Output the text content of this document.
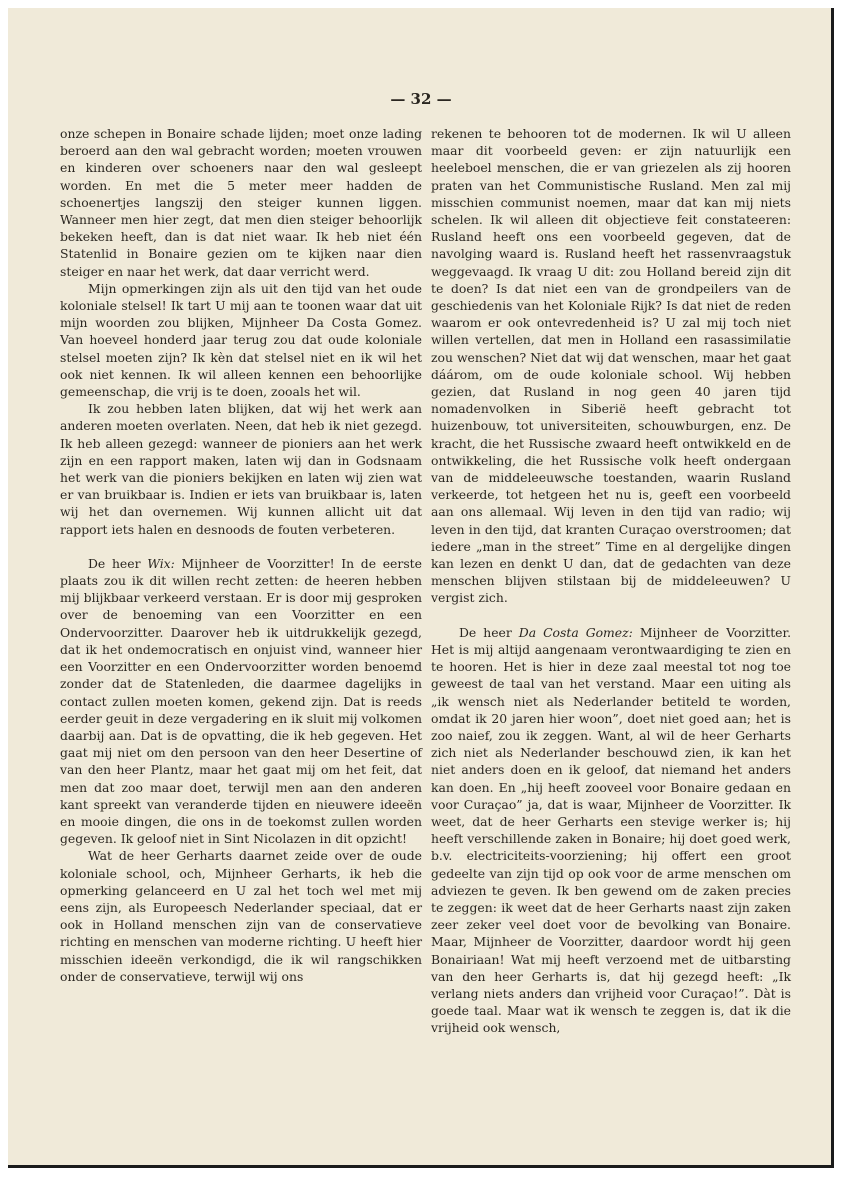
— 32 —

onze schepen in Bonaire schade lijden; moet onze lading beroerd aan den wal gebracht worden; moeten vrouwen en kinderen over schoeners naar den wal gesleept worden. En met die 5 meter meer hadden de schoenertjes langszij den steiger kunnen liggen. Wanneer men hier zegt, dat men dien steiger behoorlijk bekeken heeft, dan is dat niet waar. Ik heb niet één Statenlid in Bonaire gezien om te kijken naar dien steiger en naar het werk, dat daar verricht werd.

Mijn opmerkingen zijn als uit den tijd van het oude koloniale stelsel! Ik tart U mij aan te toonen waar dat uit mijn woorden zou blijken, Mijnheer Da Costa Gomez. Van hoeveel honderd jaar terug zou dat oude koloniale stelsel moeten zijn? Ik kèn dat stelsel niet en ik wil het ook niet kennen. Ik wil alleen kennen een behoorlijke gemeenschap, die vrij is te doen, zooals het wil.

Ik zou hebben laten blijken, dat wij het werk aan anderen moeten overlaten. Neen, dat heb ik niet gezegd. Ik heb alleen gezegd: wanneer de pioniers aan het werk zijn en een rapport maken, laten wij dan in Godsnaam het werk van die pioniers bekijken en laten wij zien wat er van bruikbaar is. Indien er iets van bruikbaar is, laten wij het dan overnemen. Wij kunnen allicht uit dat rapport iets halen en desnoods de fouten verbeteren.

De heer Wix: Mijnheer de Voorzitter! In de eerste plaats zou ik dit willen recht zetten: de heeren hebben mij blijkbaar verkeerd verstaan. Er is door mij gesproken over de benoeming van een Voorzitter en een Ondervoorzitter. Daarover heb ik uitdrukkelijk gezegd, dat ik het ondemocratisch en onjuist vind, wanneer hier een Voorzitter en een Ondervoorzitter worden benoemd zonder dat de Statenleden, die daarmee dagelijks in contact zullen moeten komen, gekend zijn. Dat is reeds eerder geuit in deze vergadering en ik sluit mij volkomen daarbij aan. Dat is de opvatting, die ik heb gegeven. Het gaat mij niet om den persoon van den heer Desertine of van den heer Plantz, maar het gaat mij om het feit, dat men dat zoo maar doet, terwijl men aan den anderen kant spreekt van veranderde tijden en nieuwere ideeën en mooie dingen, die ons in de toekomst zullen worden gegeven. Ik geloof niet in Sint Nicolazen in dit opzicht!

Wat de heer Gerharts daarnet zeide over de oude koloniale school, och, Mijnheer Gerharts, ik heb die opmerking gelanceerd en U zal het toch wel met mij eens zijn, als Europeesch Nederlander speciaal, dat er ook in Holland menschen zijn van de conservatieve richting en menschen van moderne richting. U heeft hier misschien ideeën verkondigd, die ik wil rangschikken onder de conservatieve, terwijl wij ons

rekenen te behooren tot de modernen. Ik wil U alleen maar dit voorbeeld geven: er zijn natuurlijk een heeleboel menschen, die er van griezelen als zij hooren praten van het Communistische Rusland. Men zal mij misschien communist noemen, maar dat kan mij niets schelen. Ik wil alleen dit objectieve feit constateeren: Rusland heeft ons een voorbeeld gegeven, dat de navolging waard is. Rusland heeft het rassenvraagstuk weggevaagd. Ik vraag U dit: zou Holland bereid zijn dit te doen? Is dat niet een van de grondpeilers van de geschiedenis van het Koloniale Rijk? Is dat niet de reden waarom er ook ontevredenheid is? U zal mij toch niet willen vertellen, dat men in Holland een rasassimilatie zou wenschen? Niet dat wij dat wenschen, maar het gaat dáárom, om de oude koloniale school. Wij hebben gezien, dat Rusland in nog geen 40 jaren tijd nomadenvolken in Siberië heeft gebracht tot huizenbouw, tot universiteiten, schouwburgen, enz. De kracht, die het Russische zwaard heeft ontwikkeld en de ontwikkeling, die het Russische volk heeft ondergaan van de middeleeuwsche toestanden, waarin Rusland verkeerde, tot hetgeen het nu is, geeft een voorbeeld aan ons allemaal. Wij leven in den tijd van radio; wij leven in den tijd, dat kranten Curaçao overstroomen; dat iedere „man in the street” Time en al dergelijke dingen kan lezen en denkt U dan, dat de gedachten van deze menschen blijven stilstaan bij de middeleeuwen? U vergist zich.

De heer Da Costa Gomez: Mijnheer de Voorzitter. Het is mij altijd aangenaam verontwaardiging te zien en te hooren. Het is hier in deze zaal meestal tot nog toe geweest de taal van het verstand. Maar een uiting als „ik wensch niet als Nederlander betiteld te worden, omdat ik 20 jaren hier woon”, doet niet goed aan; het is zoo naief, zou ik zeggen. Want, al wil de heer Gerharts zich niet als Nederlander beschouwd zien, ik kan het niet anders doen en ik geloof, dat niemand het anders kan doen. En „hij heeft zooveel voor Bonaire gedaan en voor Curaçao” ja, dat is waar, Mijnheer de Voorzitter. Ik weet, dat de heer Gerharts een stevige werker is; hij heeft verschillende zaken in Bonaire; hij doet goed werk, b.v. electriciteits-voorziening; hij offert een groot gedeelte van zijn tijd op ook voor de arme menschen om adviezen te geven. Ik ben gewend om de zaken precies te zeggen: ik weet dat de heer Gerharts naast zijn zaken zeer zeker veel doet voor de bevolking van Bonaire. Maar, Mijnheer de Voorzitter, daardoor wordt hij geen Bonairiaan! Wat mij heeft verzoend met de uitbarsting van den heer Gerharts is, dat hij gezegd heeft: „Ik verlang niets anders dan vrijheid voor Curaçao!”. Dàt is goede taal. Maar wat ik wensch te zeggen is, dat ik die vrijheid ook wensch,
